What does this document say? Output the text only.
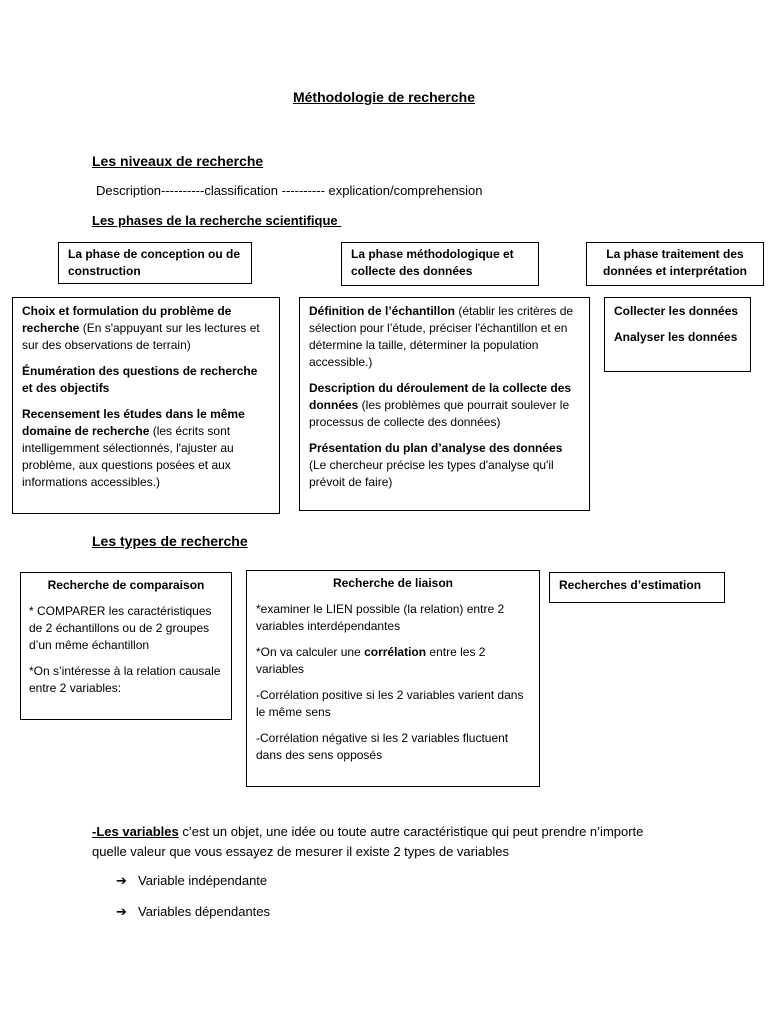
Méthodologie de recherche
Les niveaux de recherche
Description----------classification ---------- explication/comprehension
Les phases de la recherche scientifique
La phase de conception ou de construction
La phase méthodologique et collecte des données
La phase traitement des données et interprétation

Choix et formulation du problème de recherche (En s'appuyant sur les lectures et sur des observations de terrain)

Énumération des questions de recherche et des objectifs

Recensement les études dans le même domaine de recherche (les écrits sont intelligemment sélectionnés, l'ajuster au problème, aux questions posées et aux informations accessibles.)

Définition de l’échantillon (établir les critères de sélection pour l’étude, préciser l'échantillon et en détermine la taille, déterminer la population accessible.)

Description du déroulement de la collecte des données (les problèmes que pourrait soulever le processus de collecte des données)

Présentation du plan d’analyse des données (Le chercheur précise les types d'analyse qu'il prévoit de faire)

Collecter les données

Analyser les données

Les types de recherche

Recherche de comparaison

* COMPARER les caractéristiques de 2 échantillons ou de 2 groupes d’un même échantillon

*On s’intéresse à la relation causale entre 2 variables:

Recherche de liaison

*examiner le LIEN possible (la relation) entre 2 variables interdépendantes

*On va calculer une corrélation entre les 2 variables

-Corrélation positive si les 2 variables varient dans le même sens

-Corrélation négative si les 2 variables fluctuent dans des sens opposés

Recherches d’estimation

-Les variables c’est un objet, une idée ou toute autre caractéristique qui peut prendre n’importe quelle valeur que vous essayez de mesurer il existe 2 types de variables
➔ Variable indépendante
➔ Variables dépendantes
